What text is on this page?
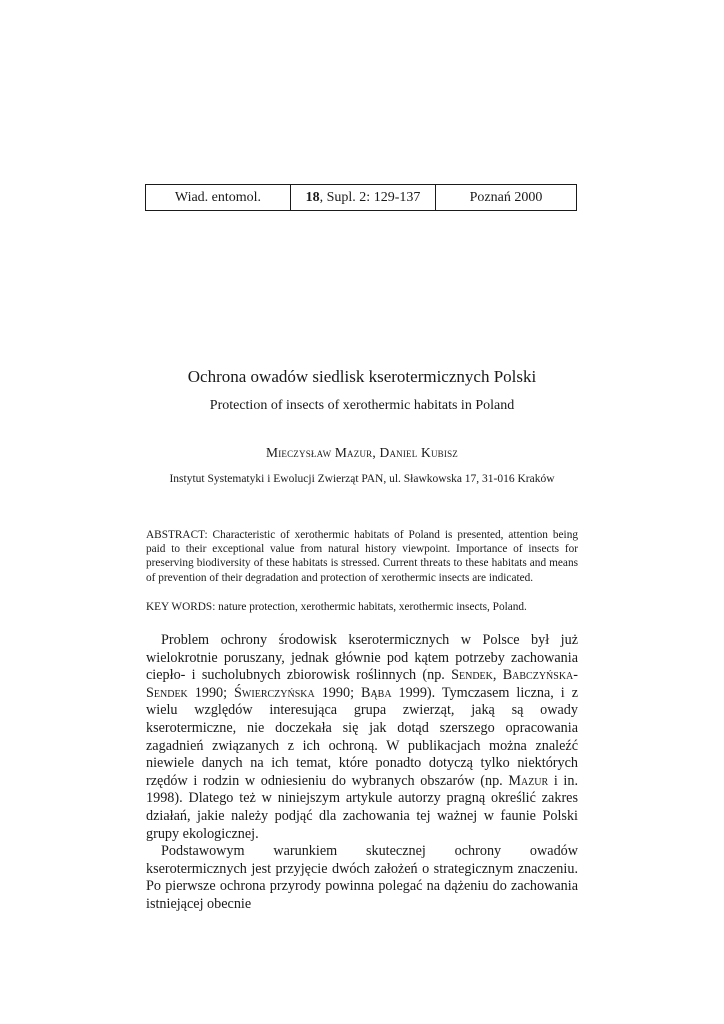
Wiad. entomol.	18 , Supl. 2: 129-137	Poznań 2000
Ochrona owadów siedlisk kserotermicznych Polski
Protection of insects of xerothermic habitats in Poland
Mieczysław Mazur, Daniel Kubisz
Instytut Systematyki i Ewolucji Zwierząt PAN, ul. Sławkowska 17, 31-016 Kraków
ABSTRACT: Characteristic of xerothermic habitats of Poland is presented, attention being paid to their exceptional value from natural history viewpoint. Importance of insects for preserving biodiversity of these habitats is stressed. Current threats to these habitats and means of prevention of their degradation and protection of xerothermic insects are indicated.
KEY WORDS: nature protection, xerothermic habitats, xerothermic insects, Poland.

Problem ochrony środowisk kserotermicznych w Polsce był już wielokrotnie poruszany, jednak głównie pod kątem potrzeby zachowania ciepło- i sucholubnych zbiorowisk roślinnych (np. Sendek, Babczyńska-Sendek 1990; Świerczyńska 1990; Bąba 1999). Tymczasem liczna, i z wielu względów interesująca grupa zwierząt, jaką są owady kserotermiczne, nie doczekała się jak dotąd szerszego opracowania zagadnień związanych z ich ochroną. W publikacjach można znaleźć niewiele danych na ich temat, które ponadto dotyczą tylko niektórych rzędów i rodzin w odniesieniu do wybranych obszarów (np. Mazur i in. 1998). Dlatego też w niniejszym artykule autorzy pragną określić zakres działań, jakie należy podjąć dla zachowania tej ważnej w faunie Polski grupy ekologicznej.

Podstawowym warunkiem skutecznej ochrony owadów kserotermicznych jest przyjęcie dwóch założeń o strategicznym znaczeniu. Po pierwsze ochrona przyrody powinna polegać na dążeniu do zachowania istniejącej obecnie
